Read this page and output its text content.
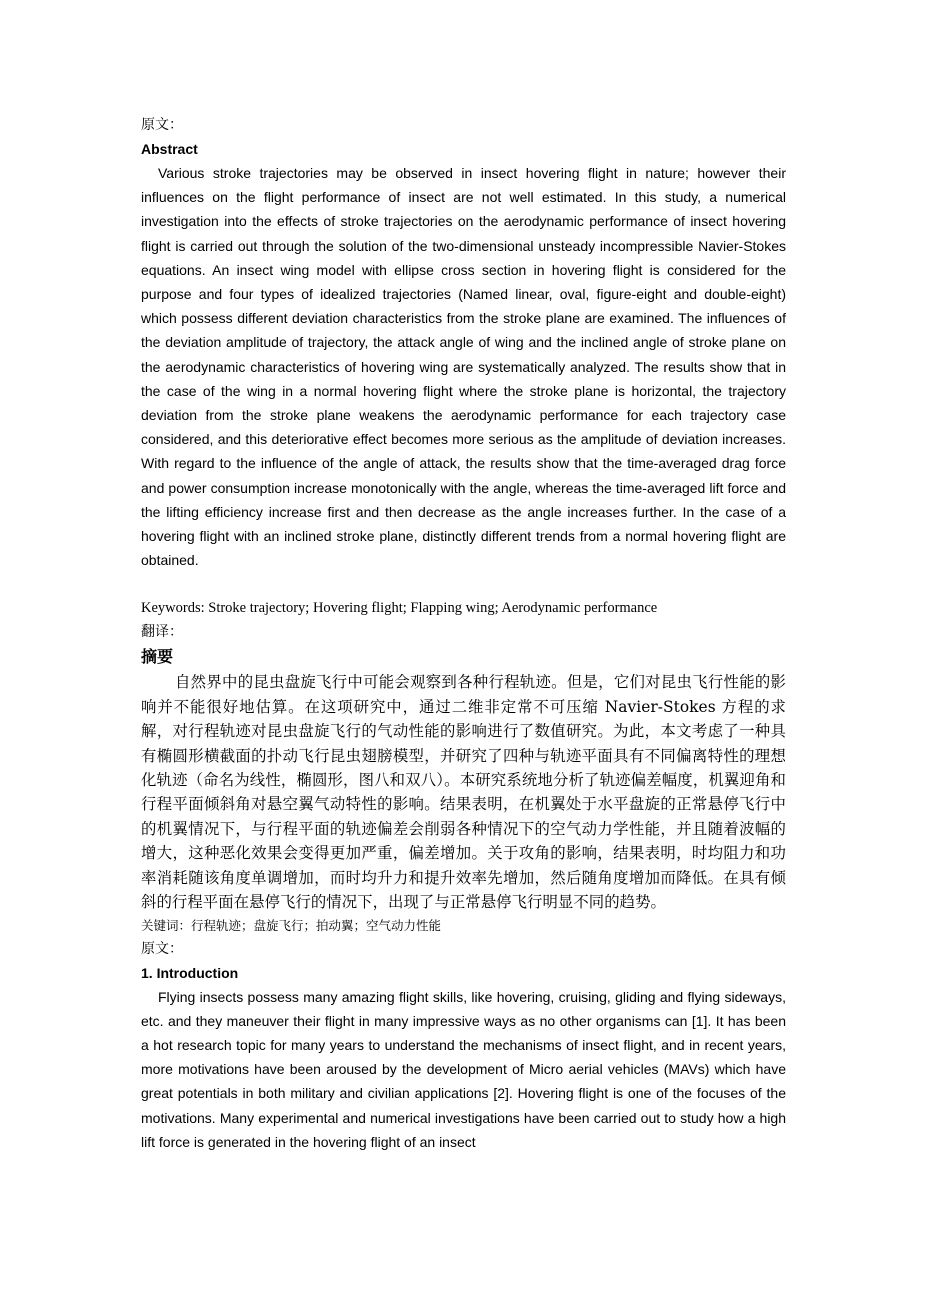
原文：
Abstract

Various stroke trajectories may be observed in insect hovering flight in nature; however their influences on the flight performance of insect are not well estimated. In this study, a numerical investigation into the effects of stroke trajectories on the aerodynamic performance of insect hovering flight is carried out through the solution of the two-dimensional unsteady incompressible Navier-Stokes equations. An insect wing model with ellipse cross section in hovering flight is considered for the purpose and four types of idealized trajectories (Named linear, oval, figure-eight and double-eight) which possess different deviation characteristics from the stroke plane are examined. The influences of the deviation amplitude of trajectory, the attack angle of wing and the inclined angle of stroke plane on the aerodynamic characteristics of hovering wing are systematically analyzed. The results show that in the case of the wing in a normal hovering flight where the stroke plane is horizontal, the trajectory deviation from the stroke plane weakens the aerodynamic performance for each trajectory case considered, and this deteriorative effect becomes more serious as the amplitude of deviation increases. With regard to the influence of the angle of attack, the results show that the time-averaged drag force and power consumption increase monotonically with the angle, whereas the time-averaged lift force and the lifting efficiency increase first and then decrease as the angle increases further. In the case of a hovering flight with an inclined stroke plane, distinctly different trends from a normal hovering flight are obtained.

Keywords: Stroke trajectory; Hovering flight; Flapping wing; Aerodynamic performance
翻译：
摘要

自然界中的昆虫盘旋飞行中可能会观察到各种行程轨迹。但是，它们对昆虫飞行性能的影响并不能很好地估算。在这项研究中，通过二维非定常不可压缩 Navier-Stokes 方程的求解，对行程轨迹对昆虫盘旋飞行的气动性能的影响进行了数值研究。为此，本文考虑了一种具有椭圆形横截面的扑动飞行昆虫翅膀模型，并研究了四种与轨迹平面具有不同偏离特性的理想化轨迹（命名为线性，椭圆形，图八和双八）。本研究系统地分析了轨迹偏差幅度，机翼迎角和行程平面倾斜角对悬空翼气动特性的影响。结果表明，在机翼处于水平盘旋的正常悬停飞行中的机翼情况下，与行程平面的轨迹偏差会削弱各种情况下的空气动力学性能，并且随着波幅的增大，这种恶化效果会变得更加严重，偏差增加。关于攻角的影响，结果表明，时均阻力和功率消耗随该角度单调增加，而时均升力和提升效率先增加，然后随角度增加而降低。在具有倾斜的行程平面在悬停飞行的情况下，出现了与正常悬停飞行明显不同的趋势。

关键词：行程轨迹；盘旋飞行；拍动翼；空气动力性能
原文：
1. Introduction

Flying insects possess many amazing flight skills, like hovering, cruising, gliding and flying sideways, etc. and they maneuver their flight in many impressive ways as no other organisms can [1]. It has been a hot research topic for many years to understand the mechanisms of insect flight, and in recent years, more motivations have been aroused by the development of Micro aerial vehicles (MAVs) which have great potentials in both military and civilian applications [2]. Hovering flight is one of the focuses of the motivations. Many experimental and numerical investigations have been carried out to study how a high lift force is generated in the hovering flight of an insect
